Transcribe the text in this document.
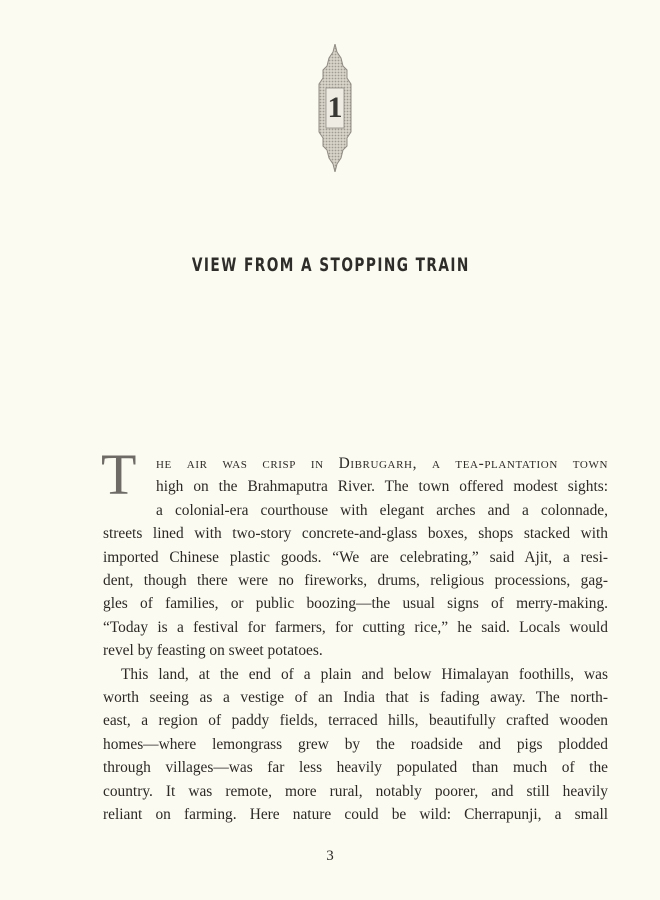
1
VIEW FROM A STOPPING TRAIN
T	he air was crisp in Dibrugarh, a tea-plantation town
high on the Brahmaputra River. The town offered modest sights:
a colonial-era courthouse with elegant arches and a colonnade,
streets lined with two-story concrete-and-glass boxes, shops stacked with
imported Chinese plastic goods. “We are celebrating,” said Ajit, a resi-
dent, though there were no fireworks, drums, religious processions, gag-
gles of families, or public boozing—the usual signs of merry-making.
“Today is a festival for farmers, for cutting rice,” he said. Locals would
revel by feasting on sweet potatoes.
This land, at the end of a plain and below Himalayan foothills, was
worth seeing as a vestige of an India that is fading away. The north-
east, a region of paddy fields, terraced hills, beautifully crafted wooden
homes—where lemongrass grew by the roadside and pigs plodded
through villages—was far less heavily populated than much of the
country. It was remote, more rural, notably poorer, and still heavily
reliant on farming. Here nature could be wild: Cherrapunji, a small
3
